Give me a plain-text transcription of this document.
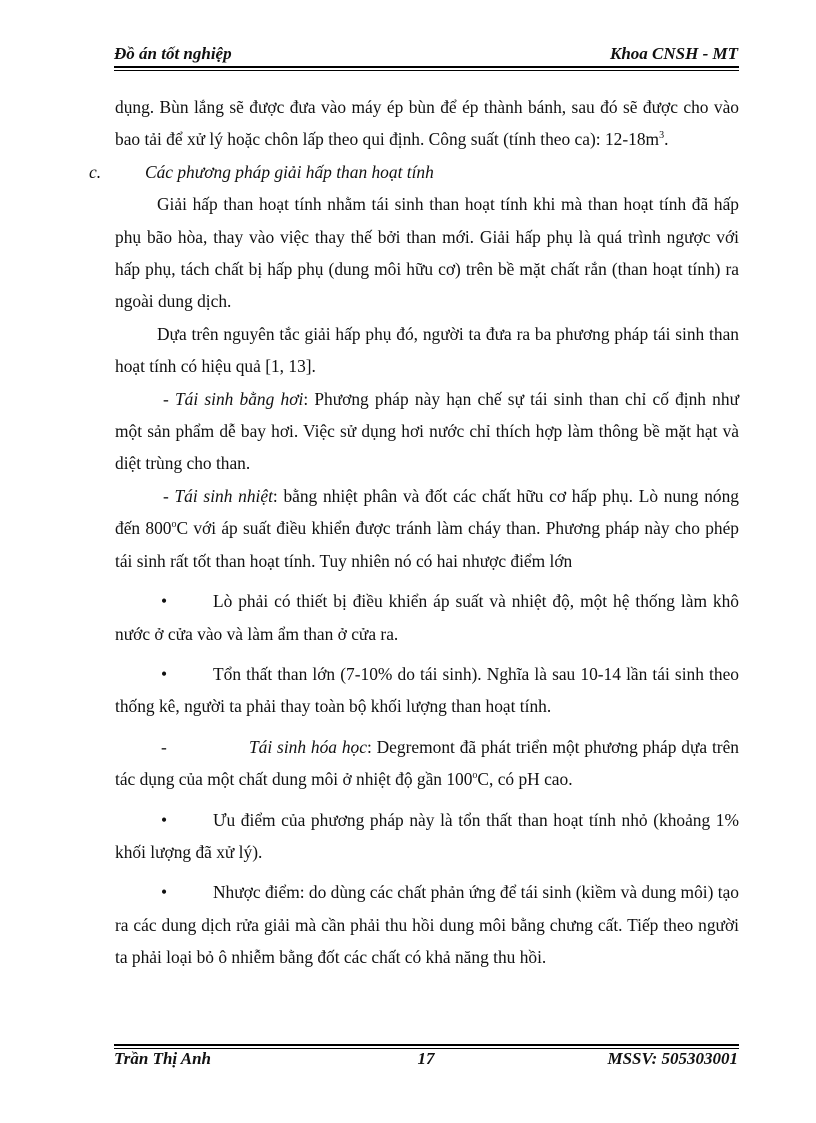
Đồ án tốt nghiệp	Khoa CNSH - MT

dụng. Bùn lắng sẽ được đưa vào máy ép bùn để ép thành bánh, sau đó sẽ được cho vào bao tải để xử lý hoặc chôn lấp theo qui định. Công suất (tính theo ca): $12-18m^3$.

c.	Các phương pháp giải hấp than hoạt tính

Giải hấp than hoạt tính nhằm tái sinh than hoạt tính khi mà than hoạt tính đã hấp phụ bão hòa, thay vào việc thay thế bởi than mới. Giải hấp phụ là quá trình ngược với hấp phụ, tách chất bị hấp phụ (dung môi hữu cơ) trên bề mặt chất rắn (than hoạt tính) ra ngoài dung dịch.

Dựa trên nguyên tắc giải hấp phụ đó, người ta đưa ra ba phương pháp tái sinh than hoạt tính có hiệu quả [1, 13].

- Tái sinh bằng hơi: Phương pháp này hạn chế sự tái sinh than chỉ cố định như một sản phẩm dễ bay hơi. Việc sử dụng hơi nước chỉ thích hợp làm thông bề mặt hạt và diệt trùng cho than.

- Tái sinh nhiệt: bằng nhiệt phân và đốt các chất hữu cơ hấp phụ. Lò nung nóng đến 800$^o$C với áp suất điều khiển được tránh làm cháy than. Phương pháp này cho phép tái sinh rất tốt than hoạt tính. Tuy nhiên nó có hai nhược điểm lớn

•	Lò phải có thiết bị điều khiển áp suất và nhiệt độ, một hệ thống làm khô nước ở cửa vào và làm ẩm than ở cửa ra.

•	Tổn thất than lớn (7-10% do tái sinh). Nghĩa là sau 10-14 lần tái sinh theo thống kê, người ta phải thay toàn bộ khối lượng than hoạt tính.

-	Tái sinh hóa học: Degremont đã phát triển một phương pháp dựa trên tác dụng của một chất dung môi ở nhiệt độ gần 100$^o$C, có pH cao.

•	Ưu điểm của phương pháp này là tổn thất than hoạt tính nhỏ (khoảng 1% khối lượng đã xử lý).

•	Nhược điểm: do dùng các chất phản ứng để tái sinh (kiềm và dung môi) tạo ra các dung dịch rửa giải mà cần phải thu hồi dung môi bằng chưng cất. Tiếp theo người ta phải loại bỏ ô nhiễm bằng đốt các chất có khả năng thu hồi.

Trần Thị Anh	17	MSSV: 505303001
